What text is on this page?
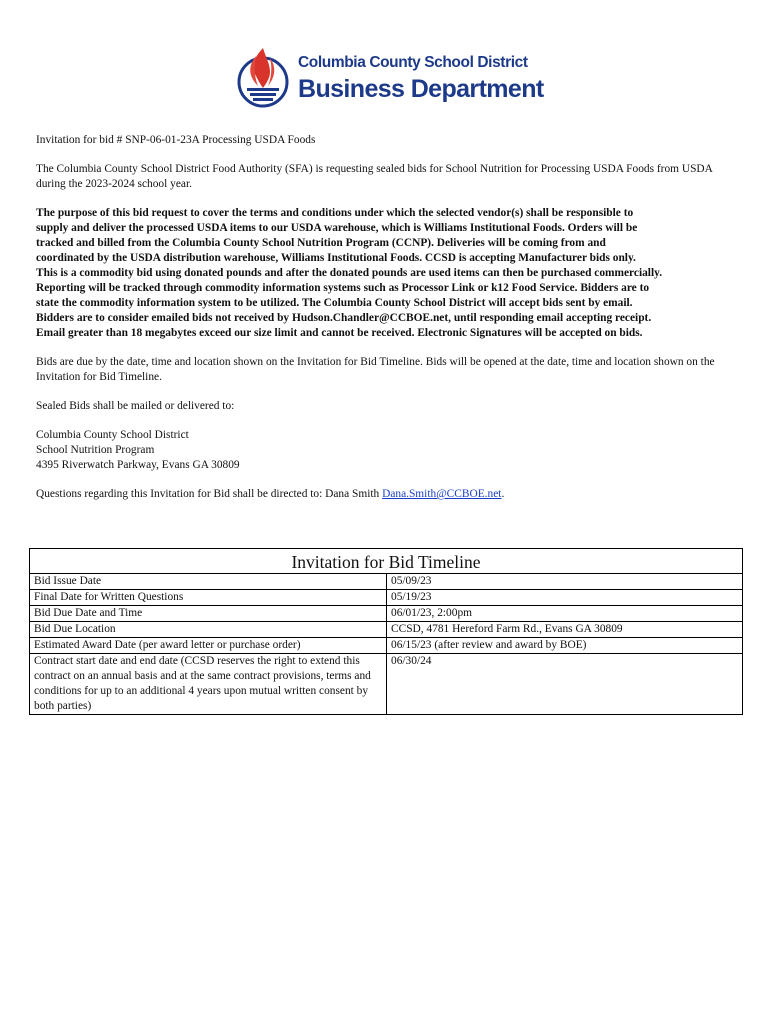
Columbia County School District
Business Department

Invitation for bid # SNP-06-01-23A Processing USDA Foods

The Columbia County School District Food Authority (SFA) is requesting sealed bids for School Nutrition for Processing USDA Foods from USDA during the 2023-2024 school year.

The purpose of this bid request to cover the terms and conditions under which the selected vendor(s) shall be responsible to
supply and deliver the processed USDA items to our USDA warehouse, which is Williams Institutional Foods. Orders will be
tracked and billed from the Columbia County School Nutrition Program (CCNP). Deliveries will be coming from and
coordinated by the USDA distribution warehouse, Williams Institutional Foods. CCSD is accepting Manufacturer bids only.
This is a commodity bid using donated pounds and after the donated pounds are used items can then be purchased commercially.
Reporting will be tracked through commodity information systems such as Processor Link or k12 Food Service. Bidders are to
state the commodity information system to be utilized. The Columbia County School District will accept bids sent by email.
Bidders are to consider emailed bids not received by Hudson.Chandler@CCBOE.net, until responding email accepting receipt.
Email greater than 18 megabytes exceed our size limit and cannot be received. Electronic Signatures will be accepted on bids.

Bids are due by the date, time and location shown on the Invitation for Bid Timeline. Bids will be opened at the date, time and location shown on the Invitation for Bid Timeline.

Sealed Bids shall be mailed or delivered to:

Columbia County School District

School Nutrition Program

4395 Riverwatch Parkway, Evans GA 30809

Questions regarding this Invitation for Bid shall be directed to: Dana Smith Dana.Smith@CCBOE.net.

Invitation for Bid Timeline
Bid Issue Date	05/09/23
Final Date for Written Questions	05/19/23
Bid Due Date and Time	06/01/23, 2:00pm
Bid Due Location	CCSD, 4781 Hereford Farm Rd., Evans GA 30809
Estimated Award Date (per award letter or purchase order)	06/15/23 (after review and award by BOE)
Contract start date and end date (CCSD reserves the right to extend this contract on an annual basis and at the same contract provisions, terms and conditions for up to an additional 4 years upon mutual written consent by both parties)	06/30/24
